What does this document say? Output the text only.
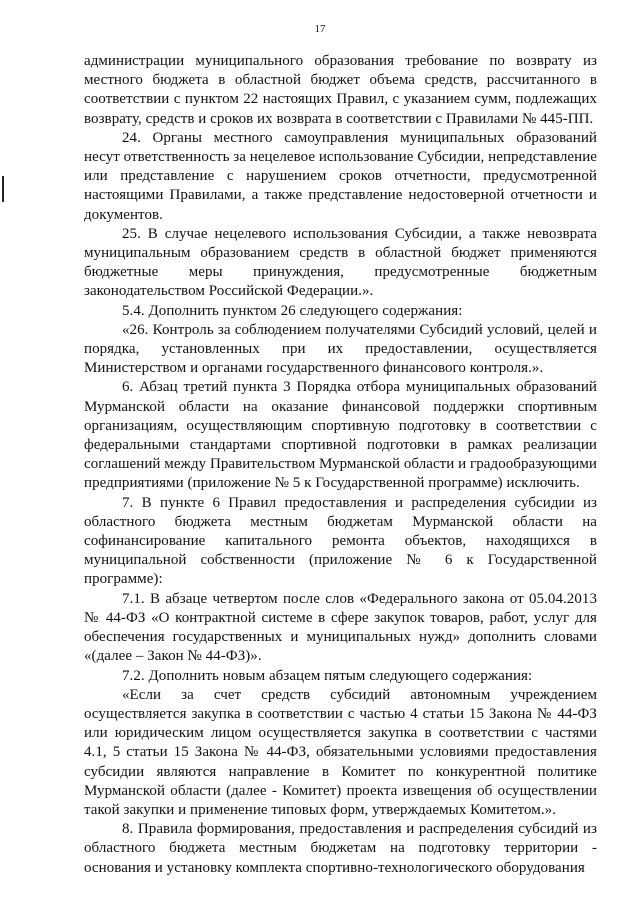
17

администрации муниципального образования требование по возврату из местного бюджета в областной бюджет объема средств, рассчитанного в соответствии с пунктом 22 настоящих Правил, с указанием сумм, подлежащих возврату, средств и сроков их возврата в соответствии с Правилами № 445-ПП.

24. Органы местного самоуправления муниципальных образований несут ответственность за нецелевое использование Субсидии, непредставление или представление с нарушением сроков отчетности, предусмотренной настоящими Правилами, а также представление недостоверной отчетности и документов.

25. В случае нецелевого использования Субсидии, а также невозврата муниципальным образованием средств в областной бюджет применяются бюджетные меры принуждения, предусмотренные бюджетным законодательством Российской Федерации.».

5.4. Дополнить пунктом 26 следующего содержания:

«26. Контроль за соблюдением получателями Субсидий условий, целей и порядка, установленных при их предоставлении, осуществляется Министерством и органами государственного финансового контроля.».

6. Абзац третий пункта 3 Порядка отбора муниципальных образований Мурманской области на оказание финансовой поддержки спортивным организациям, осуществляющим спортивную подготовку в соответствии с федеральными стандартами спортивной подготовки в рамках реализации соглашений между Правительством Мурманской области и градообразующими предприятиями (приложение № 5 к Государственной программе) исключить.

7. В пункте 6 Правил предоставления и распределения субсидии из областного бюджета местным бюджетам Мурманской области на софинансирование капитального ремонта объектов, находящихся в муниципальной собственности (приложение № 6 к Государственной программе):

7.1. В абзаце четвертом после слов «Федерального закона от 05.04.2013 № 44-ФЗ «О контрактной системе в сфере закупок товаров, работ, услуг для обеспечения государственных и муниципальных нужд» дополнить словами «(далее – Закон № 44-ФЗ)».

7.2. Дополнить новым абзацем пятым следующего содержания:

«Если за счет средств субсидий автономным учреждением осуществляется закупка в соответствии с частью 4 статьи 15 Закона № 44-ФЗ или юридическим лицом осуществляется закупка в соответствии с частями 4.1, 5 статьи 15 Закона № 44-ФЗ, обязательными условиями предоставления субсидии являются направление в Комитет по конкурентной политике Мурманской области (далее - Комитет) проекта извещения об осуществлении такой закупки и применение типовых форм, утверждаемых Комитетом.».

8. Правила формирования, предоставления и распределения субсидий из областного бюджета местным бюджетам на подготовку территории - основания и установку комплекта спортивно-технологического оборудования
